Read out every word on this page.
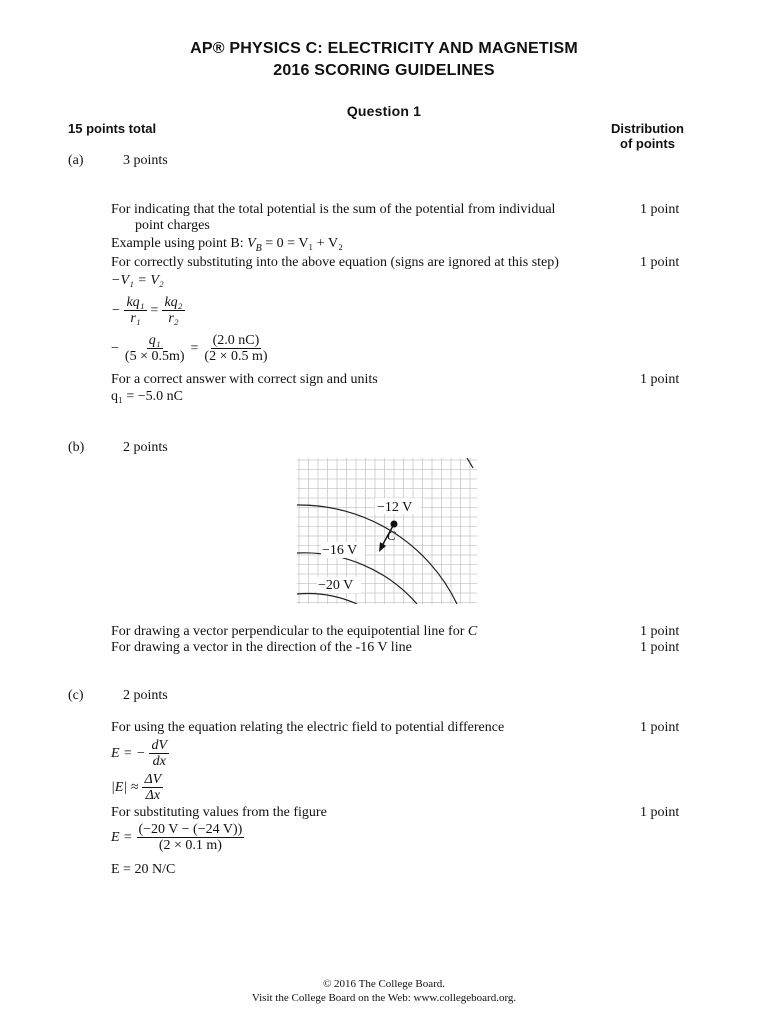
AP® PHYSICS C: ELECTRICITY AND MAGNETISM
2016 SCORING GUIDELINES
Question 1
15 points total	Distribution
of points
(a)	3 points
For indicating that the total potential is the sum of the potential from individual
point charges
1 point
Example using point B: $V_B = 0 = V_1 + V_2$
For correctly substituting into the above equation (signs are ignored at this step)	1 point
−V₁ = V₂
− $\frac{\text{kq₁}}{\text{r₁}} = \frac{\text{kq₂}}{\text{r₂}}$
− $\frac{\text{q₁}}{(5 \times 0.5m)} = \frac{(2.0 nC)}{(2 \times 0.5 m)}$
For a correct answer with correct sign and units	1 point
q₁ = −5.0 nC
(b)	2 points
−12 V
−16 V
−20 V
C
For drawing a vector perpendicular to the equipotential line for C	1 point
For drawing a vector in the direction of the -16 V line	1 point
(c)	2 points
For using the equation relating the electric field to potential difference	1 point
E = − $\frac{dV}{dx}$
$|E| \approx \frac{\Delta V}{\Delta x}$
For substituting values from the figure	1 point
$E = \frac{(-20 V - (-24 V))}{(2 \times 0.1 m)}$
E = 20 N/C
© 2016 The College Board.
Visit the College Board on the Web: www.collegeboard.org.
